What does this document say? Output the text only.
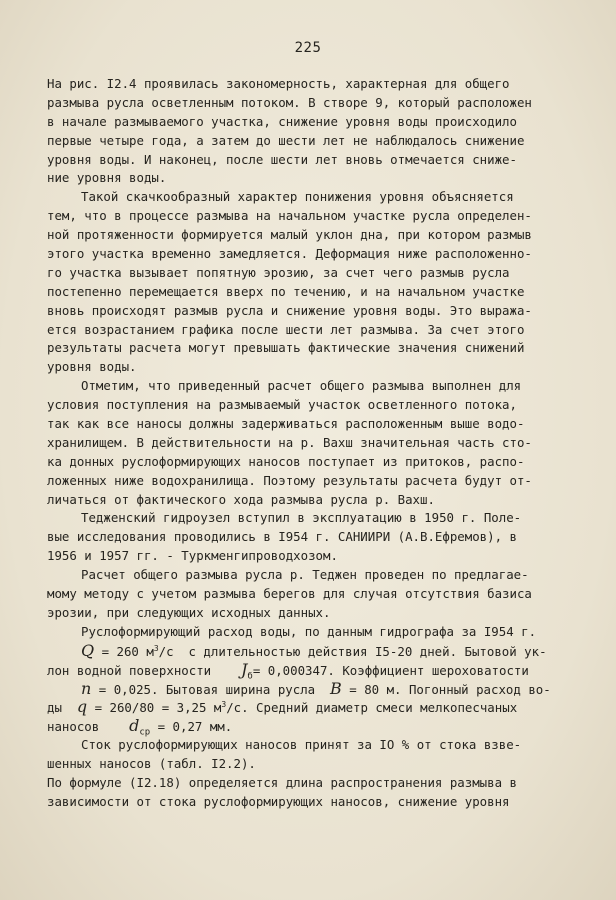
225
На рис. I2.4 проявилась закономерность, характерная для общего
размыва русла осветленным потоком. В створе 9, который расположен
в начале размываемого участка, снижение уровня воды происходило
первые четыре года, а затем до шести лет не наблюдалось снижение
уровня воды. И наконец, после шести лет вновь отмечается сниже-
ние уровня воды.
Такой скачкообразный характер понижения уровня объясняется
тем, что в процессе размыва на начальном участке русла определен-
ной протяженности формируется малый уклон дна, при котором размыв
этого участка временно замедляется. Деформация ниже расположенно-
го участка вызывает попятную эрозию, за счет чего размыв русла
постепенно перемещается вверх по течению, и на начальном участке
вновь происходят размыв русла и снижение уровня воды. Это выража-
ется возрастанием графика после шести лет размыва. За счет этого
результаты расчета могут превышать фактические значения снижений
уровня воды.
Отметим, что приведенный расчет общего размыва выполнен для
условия поступления на размываемый участок осветленного потока,
так как все наносы должны задерживаться расположенным выше водо-
хранилищем. В действительности на р. Вахш значительная часть сто-
ка донных руслоформирующих наносов поступает из притоков, распо-
ложенных ниже водохранилища. Поэтому результаты расчета будут от-
личаться от фактического хода размыва русла р. Вахш.
Теджeнский гидроузел вступил в эксплуатацию в 1950 г. Поле-
вые исследования проводились в I954 г. САНИИРИ (А.В.Ефремов), в
1956 и 1957 гг. - Туркменгипроводхозом.
Расчет общего размыва русла р. Теджен проведен по предлагае-
мому методу с учетом размыва берегов для случая отсутствия базиса
эрозии, при следующих исходных данных.
Руслоформирующий расход воды, по данным гидрографа за I954 г.
Q = 260 $м^3/с$  с длительностью действия I5-20 дней. Бытовой ук-
лон водной поверхности $J_б= 0,000347$. Коэффициент шероховатости
n = 0,025. Бытовая ширина русла B = 80 м. Погонный расход во-
ды q = 260/80 = 3,25 $м^3/с$. Средний диаметр смеси мелкопесчаных
наносов $d_{ср} = 0,27$ мм.
Сток руслоформирующих наносов принят за IO % от стока взве-
шенных наносов (табл. I2.2).
По формуле (I2.18) определяется длина распространения размыва в
зависимости от стока руслоформирующих наносов, снижение уровня
